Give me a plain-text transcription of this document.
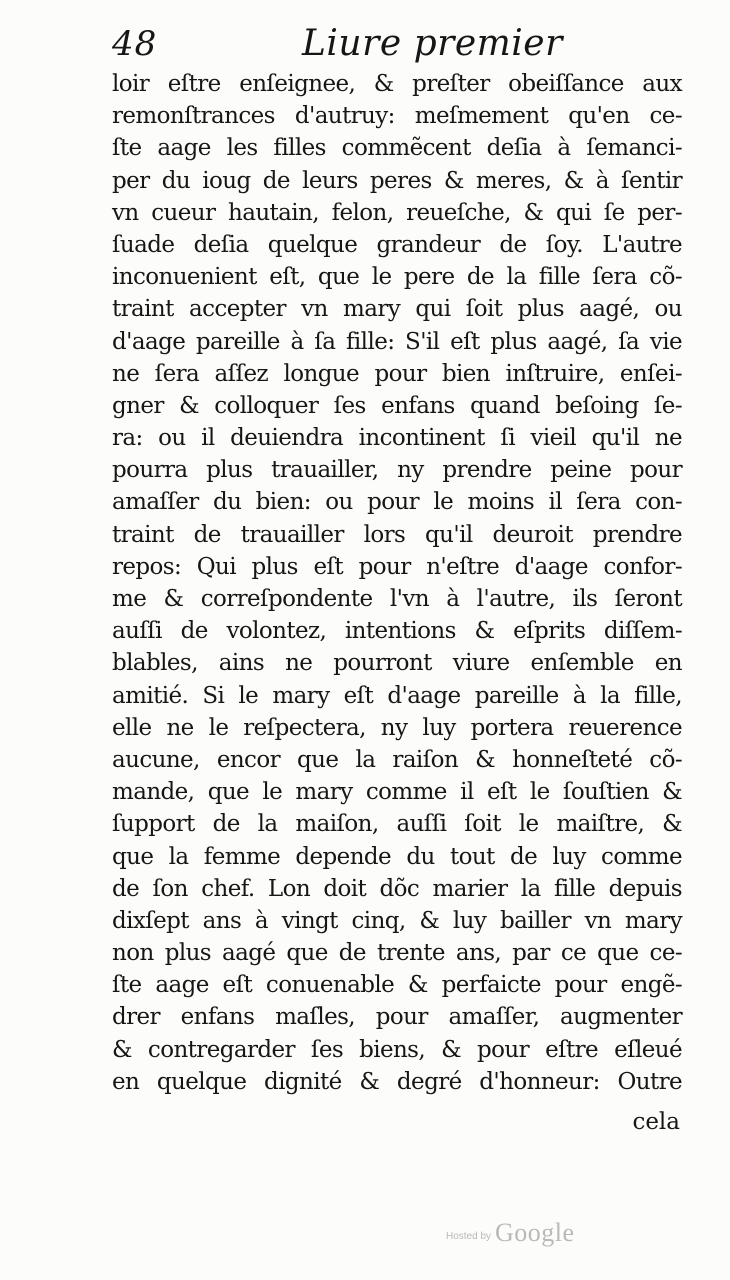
48	Liure premier
loir eſtre enſeignee, & preſter obeiſſance aux
remonſtrances d'autruy: meſmement qu'en ce-
ſte aage les filles commẽcent deſia à ſemanci-
per du ioug de leurs peres & meres, & à ſentir
vn cueur hautain, felon, reueſche, & qui ſe per-
ſuade deſia quelque grandeur de ſoy. L'autre
inconuenient eſt, que le pere de la fille ſera cõ-
traint accepter vn mary qui ſoit plus aagé, ou
d'aage pareille à ſa fille: S'il eſt plus aagé, ſa vie
ne ſera aſſez longue pour bien inſtruire, enſei-
gner & colloquer ſes enfans quand beſoing ſe-
ra: ou il deuiendra incontinent ſi vieil qu'il ne
pourra plus trauailler, ny prendre peine pour
amaſſer du bien: ou pour le moins il ſera con-
traint de trauailler lors qu'il deuroit prendre
repos: Qui plus eſt pour n'eſtre d'aage confor-
me & correſpondente l'vn à l'autre, ils ſeront
auſſi de volontez, intentions & eſprits diſſem-
blables, ains ne pourront viure enſemble en
amitié. Si le mary eſt d'aage pareille à la fille,
elle ne le reſpectera, ny luy portera reuerence
aucune, encor que la raiſon & honneſteté cõ-
mande, que le mary comme il eſt le ſouſtien &
ſupport de la maiſon, auſſi ſoit le maiſtre, &
que la femme depende du tout de luy comme
de ſon chef. Lon doit dõc marier la fille depuis
dixſept ans à vingt cinq, & luy bailler vn mary
non plus aagé que de trente ans, par ce que ce-
ſte aage eſt conuenable & perfaicte pour engẽ-
drer enfans maſles, pour amaſſer, augmenter
& contregarder ſes biens, & pour eſtre eſleué
en quelque dignité & degré d'honneur: Outre
cela
Hosted by Google
